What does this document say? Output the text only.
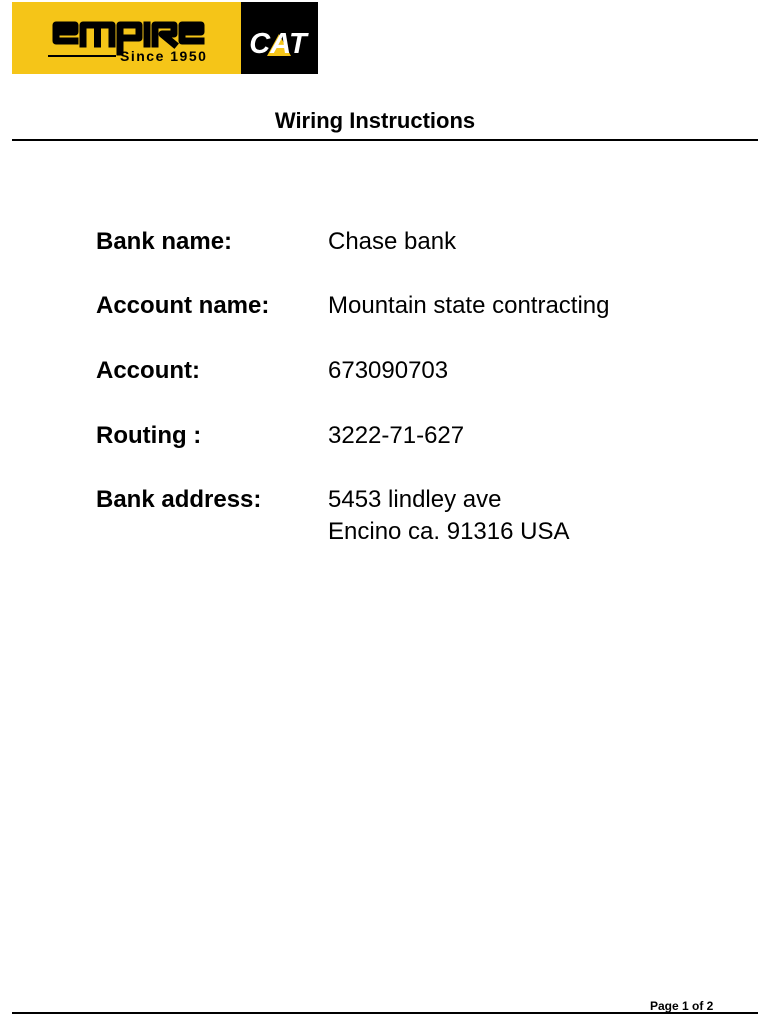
Since 1950 CAT
Wiring Instructions
Bank name:	Chase bank
Account name:	Mountain state contracting
Account:	673090703
Routing :	3222-71-627
Bank address:	5453 lindley ave
Encino ca. 91316 USA
Page 1 of 2
